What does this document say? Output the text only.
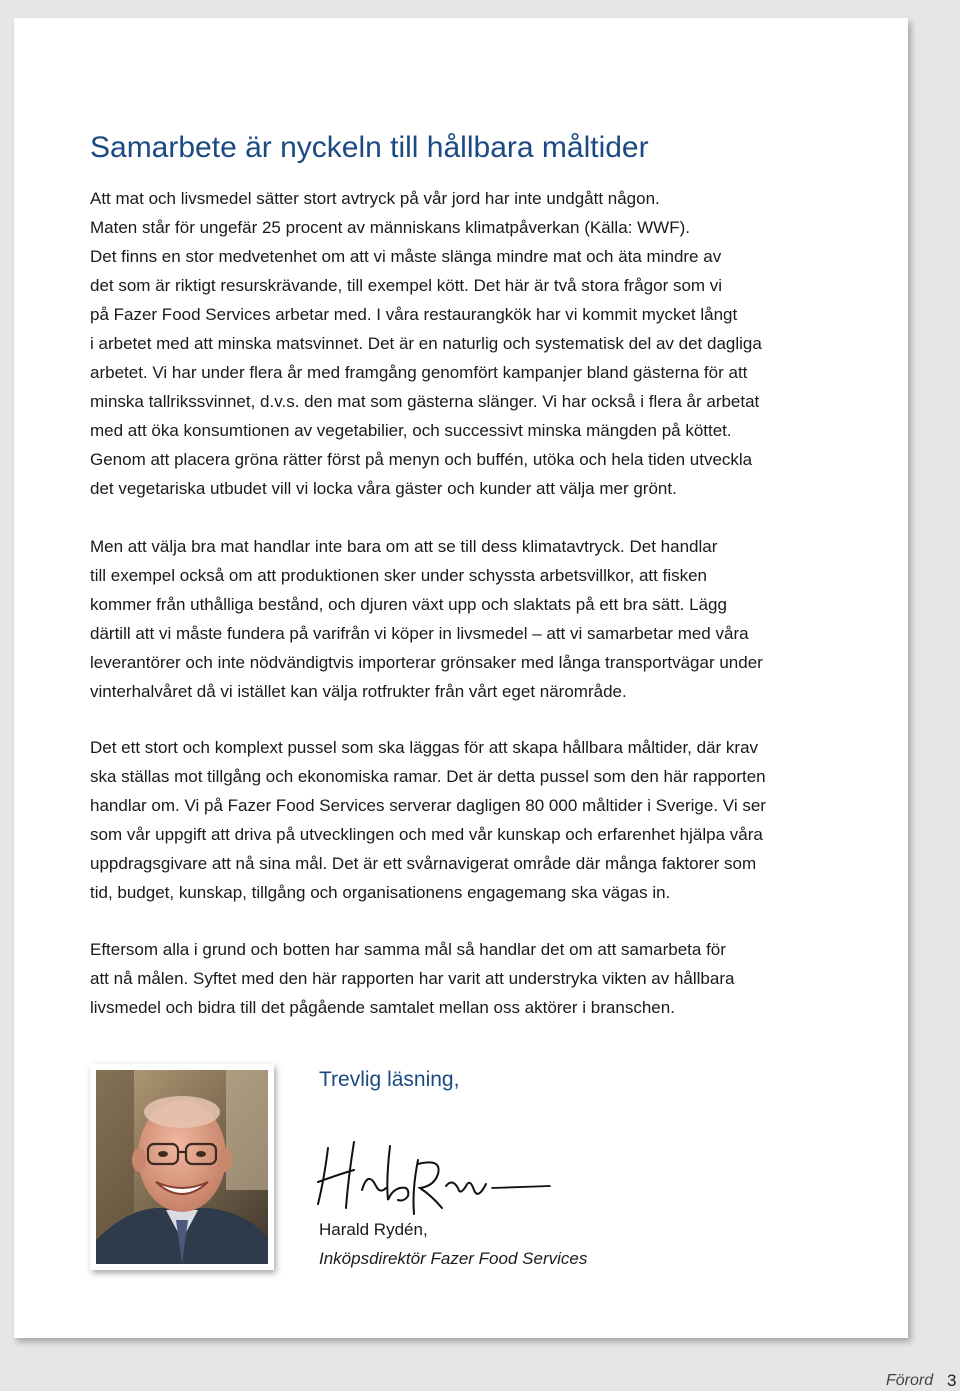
Samarbete är nyckeln till hållbara måltider
Att mat och livsmedel sätter stort avtryck på vår jord har inte undgått någon.
Maten står för ungefär 25 procent av människans klimatpåverkan (Källa: WWF).
Det finns en stor medvetenhet om att vi måste slänga mindre mat och äta mindre av
det som är riktigt resurskrävande, till exempel kött. Det här är två stora frågor som vi
på Fazer Food Services arbetar med. I våra restaurangkök har vi kommit mycket långt
i arbetet med att minska matsvinnet. Det är en naturlig och systematisk del av det dagliga
arbetet. Vi har under flera år med framgång genomfört kampanjer bland gästerna för att
minska tallrikssvinnet, d.v.s. den mat som gästerna slänger. Vi har också i flera år arbetat
med att öka konsumtionen av vegetabilier, och successivt minska mängden på köttet.
Genom att placera gröna rätter först på menyn och buffén, utöka och hela tiden utveckla
det vegetariska utbudet vill vi locka våra gäster och kunder att välja mer grönt.
Men att välja bra mat handlar inte bara om att se till dess klimatavtryck. Det handlar
till exempel också om att produktionen sker under schyssta arbetsvillkor, att fisken
kommer från uthålliga bestånd, och djuren växt upp och slaktats på ett bra sätt. Lägg
därtill att vi måste fundera på varifrån vi köper in livsmedel – att vi samarbetar med våra
leverantörer och inte nödvändigtvis importerar grönsaker med långa transportvägar under
vinterhalvåret då vi istället kan välja rotfrukter från vårt eget närområde.
Det ett stort och komplext pussel som ska läggas för att skapa hållbara måltider, där krav
ska ställas mot tillgång och ekonomiska ramar. Det är detta pussel som den här rapporten
handlar om. Vi på Fazer Food Services serverar dagligen 80 000 måltider i Sverige. Vi ser
som vår uppgift att driva på utvecklingen och med vår kunskap och erfarenhet hjälpa våra
uppdragsgivare att nå sina mål. Det är ett svårnavigerat område där många faktorer som
tid, budget, kunskap, tillgång och organisationens engagemang ska vägas in.
Eftersom alla i grund och botten har samma mål så handlar det om att samarbeta för
att nå målen. Syftet med den här rapporten har varit att understryka vikten av hållbara
livsmedel och bidra till det pågående samtalet mellan oss aktörer i branschen.

Trevlig läsning,

Harald Rydén,
Inköpsdirektör Fazer Food Services
Förord 3
